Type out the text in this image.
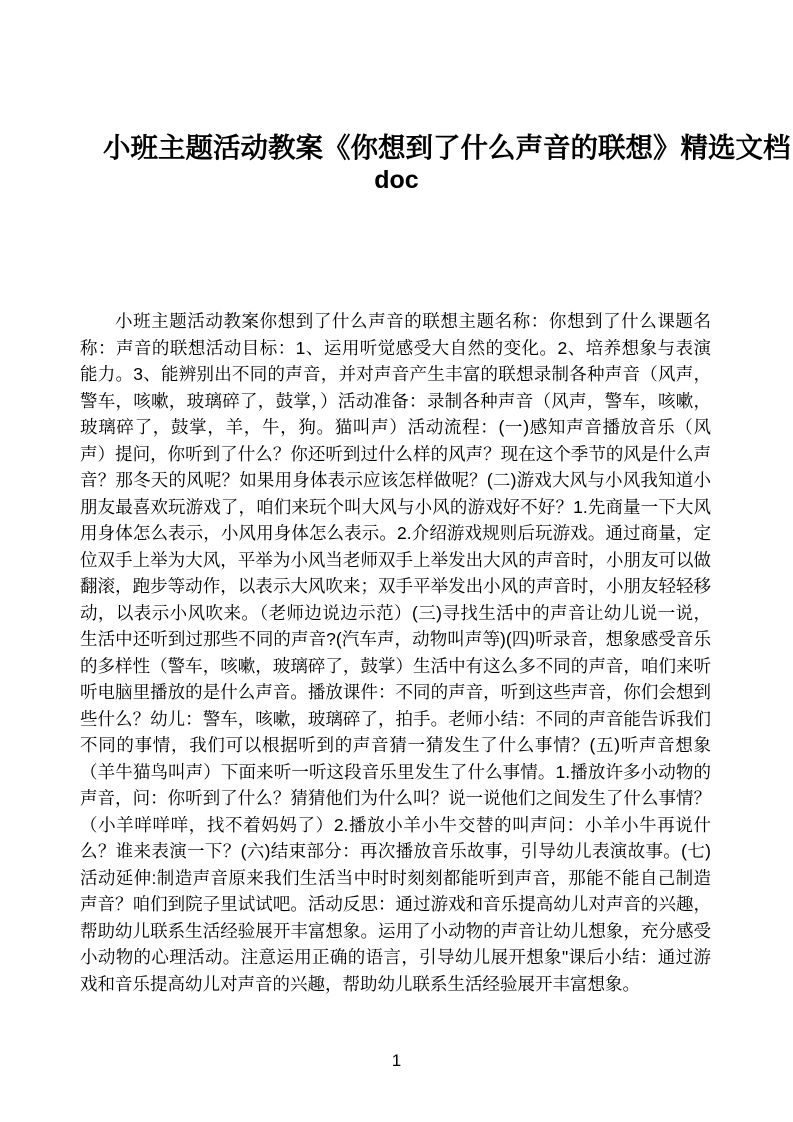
小班主题活动教案《你想到了什么声音的联想》精选文档
doc
小班主题活动教案你想到了什么声音的联想主题名称：你想到了什么课题名称：声音的联想活动目标：1、运用听觉感受大自然的变化。2、培养想象与表演能力。3、能辨别出不同的声音，并对声音产生丰富的联想录制各种声音（风声，警车，咳嗽，玻璃碎了，鼓掌，）活动准备：录制各种声音（风声，警车，咳嗽，玻璃碎了，鼓掌，羊，牛，狗。猫叫声）活动流程：(一)感知声音播放音乐（风声）提问，你听到了什么？你还听到过什么样的风声？现在这个季节的风是什么声音？那冬天的风呢？如果用身体表示应该怎样做呢？(二)游戏大风与小风我知道小朋友最喜欢玩游戏了，咱们来玩个叫大风与小风的游戏好不好？1.先商量一下大风用身体怎么表示，小风用身体怎么表示。2.介绍游戏规则后玩游戏。通过商量，定位双手上举为大风，平举为小风当老师双手上举发出大风的声音时，小朋友可以做翻滚，跑步等动作，以表示大风吹来；双手平举发出小风的声音时，小朋友轻轻移动，以表示小风吹来。（老师边说边示范）(三)寻找生活中的声音让幼儿说一说，生活中还听到过那些不同的声音?(汽车声，动物叫声等)(四)听录音，想象感受音乐的多样性（警车，咳嗽，玻璃碎了，鼓掌）生活中有这么多不同的声音，咱们来听听电脑里播放的是什么声音。播放课件：不同的声音，听到这些声音，你们会想到些什么？幼儿：警车，咳嗽，玻璃碎了，拍手。老师小结：不同的声音能告诉我们不同的事情，我们可以根据听到的声音猜一猜发生了什么事情？(五)听声音想象（羊牛猫鸟叫声）下面来听一听这段音乐里发生了什么事情。1.播放许多小动物的声音，问：你听到了什么？猜猜他们为什么叫？说一说他们之间发生了什么事情？（小羊咩咩咩，找不着妈妈了）2.播放小羊小牛交替的叫声问：小羊小牛再说什么？谁来表演一下？(六)结束部分：再次播放音乐故事，引导幼儿表演故事。(七)活动延伸:制造声音原来我们生活当中时时刻刻都能听到声音，那能不能自己制造声音？咱们到院子里试试吧。活动反思：通过游戏和音乐提高幼儿对声音的兴趣，帮助幼儿联系生活经验展开丰富想象。运用了小动物的声音让幼儿想象，充分感受小动物的心理活动。注意运用正确的语言，引导幼儿展开想象"课后小结：通过游戏和音乐提高幼儿对声音的兴趣，帮助幼儿联系生活经验展开丰富想象。
1
